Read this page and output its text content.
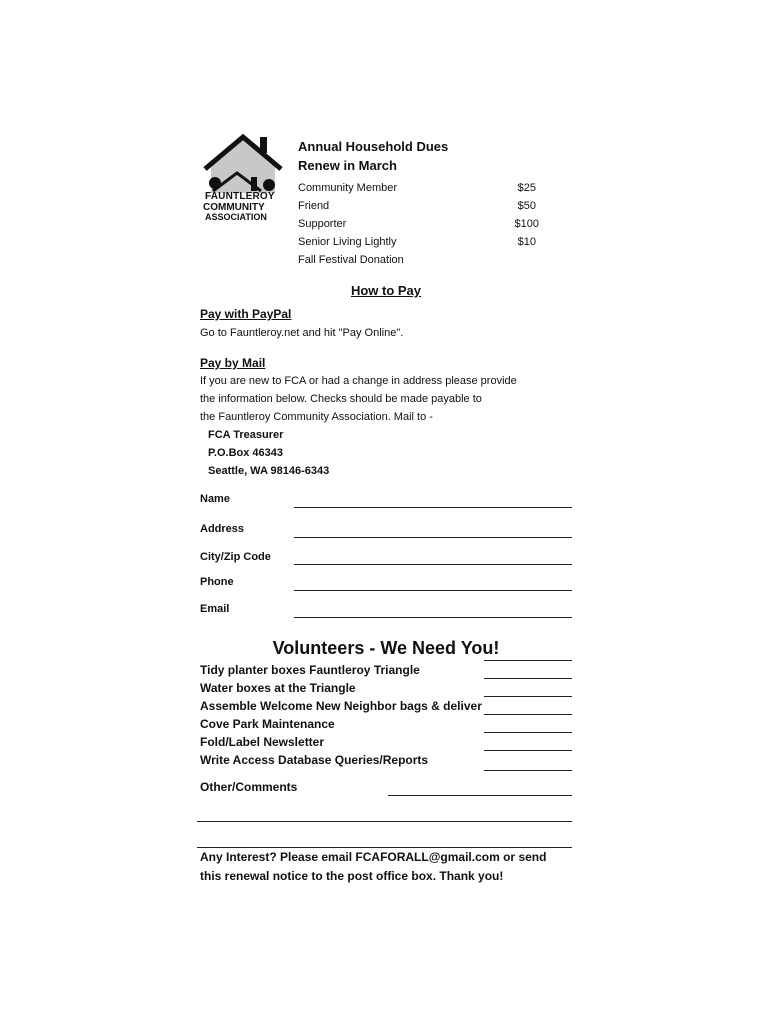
FAUNTLEROY
COMMUNITY
ASSOCIATION
Annual Household Dues
Renew in March
Community Member	$25
Friend	$50
Supporter	$100
Senior Living Lightly	$10
Fall Festival Donation
How to Pay
Pay with PayPal
Go to Fauntleroy.net and hit "Pay Online".
Pay by Mail
If you are new to FCA or had a change in address please provide
the information below. Checks should be made payable to
the Fauntleroy Community Association. Mail to -
FCA Treasurer
P.O.Box 46343
Seattle, WA 98146-6343
Name
Address
City/Zip Code
Phone
Email
Volunteers - We Need You!
Tidy planter boxes Fauntleroy Triangle
Water boxes at the Triangle
Assemble Welcome New Neighbor bags & deliver
Cove Park Maintenance
Fold/Label Newsletter
Write Access Database Queries/Reports
Other/Comments
Any Interest? Please email FCAFORALL@gmail.com or send
this renewal notice to the post office box. Thank you!
